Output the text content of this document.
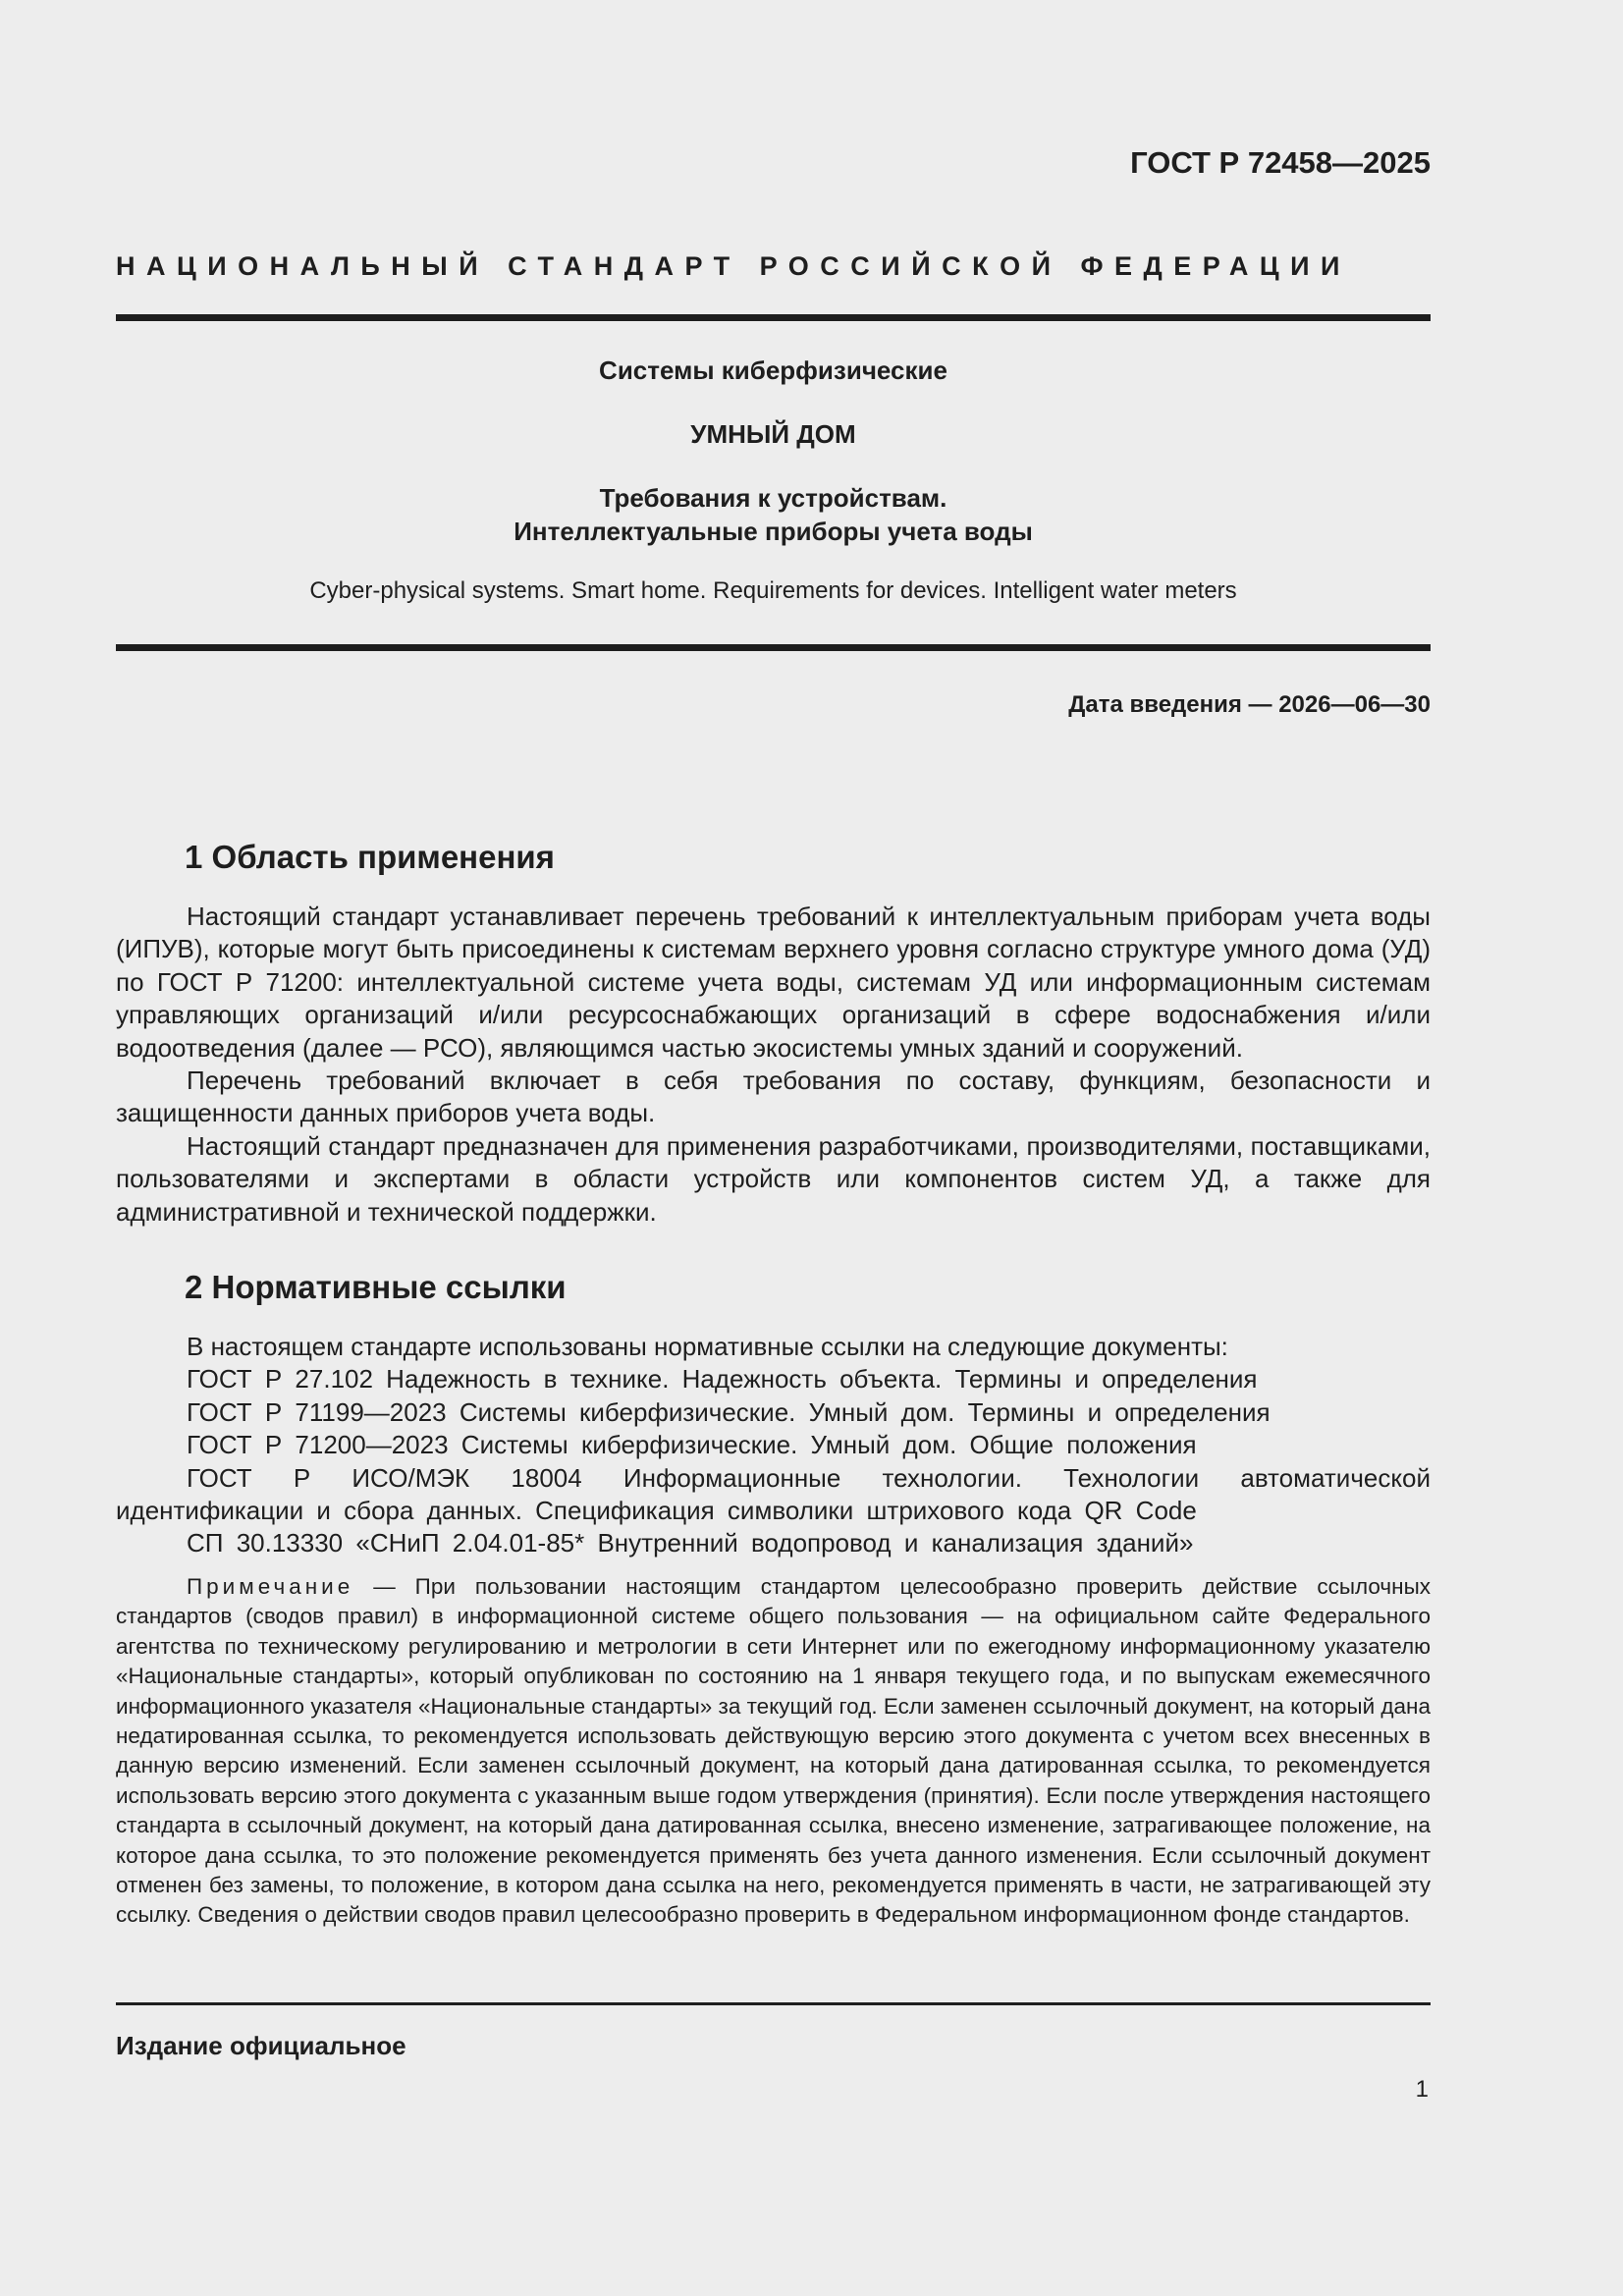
ГОСТ Р 72458—2025
НАЦИОНАЛЬНЫЙ СТАНДАРТ РОССИЙСКОЙ ФЕДЕРАЦИИ
Системы киберфизические
УМНЫЙ ДОМ
Требования к устройствам.
Интеллектуальные приборы учета воды
Cyber-physical systems. Smart home. Requirements for devices. Intelligent water meters
Дата введения — 2026—06—30
1 Область применения

Настоящий стандарт устанавливает перечень требований к интеллектуальным приборам учета воды (ИПУВ), которые могут быть присоединены к системам верхнего уровня согласно структуре умного дома (УД) по ГОСТ Р 71200: интеллектуальной системе учета воды, системам УД или информационным системам управляющих организаций и/или ресурсоснабжающих организаций в сфере водоснабжения и/или водоотведения (далее — РСО), являющимся частью экосистемы умных зданий и сооружений.

Перечень требований включает в себя требования по составу, функциям, безопасности и защищенности данных приборов учета воды.

Настоящий стандарт предназначен для применения разработчиками, производителями, поставщиками, пользователями и экспертами в области устройств или компонентов систем УД, а также для административной и технической поддержки.

2 Нормативные ссылки

В настоящем стандарте использованы нормативные ссылки на следующие документы:

ГОСТ Р 27.102 Надежность в технике. Надежность объекта. Термины и определения

ГОСТ Р 71199—2023 Системы киберфизические. Умный дом. Термины и определения

ГОСТ Р 71200—2023 Системы киберфизические. Умный дом. Общие положения

ГОСТ Р ИСО/МЭК 18004 Информационные технологии. Технологии автоматической идентификации и сбора данных. Спецификация символики штрихового кода QR Code

СП 30.13330 «СНиП 2.04.01-85* Внутренний водопровод и канализация зданий»

Примечание — При пользовании настоящим стандартом целесообразно проверить действие ссылочных стандартов (сводов правил) в информационной системе общего пользования — на официальном сайте Федерального агентства по техническому регулированию и метрологии в сети Интернет или по ежегодному информационному указателю «Национальные стандарты», который опубликован по состоянию на 1 января текущего года, и по выпускам ежемесячного информационного указателя «Национальные стандарты» за текущий год. Если заменен ссылочный документ, на который дана недатированная ссылка, то рекомендуется использовать действующую версию этого документа с учетом всех внесенных в данную версию изменений. Если заменен ссылочный документ, на который дана датированная ссылка, то рекомендуется использовать версию этого документа с указанным выше годом утверждения (принятия). Если после утверждения настоящего стандарта в ссылочный документ, на который дана датированная ссылка, внесено изменение, затрагивающее положение, на которое дана ссылка, то это положение рекомендуется применять без учета данного изменения. Если ссылочный документ отменен без замены, то положение, в котором дана ссылка на него, рекомендуется применять в части, не затрагивающей эту ссылку. Сведения о действии сводов правил целесообразно проверить в Федеральном информационном фонде стандартов.

Издание официальное
1
